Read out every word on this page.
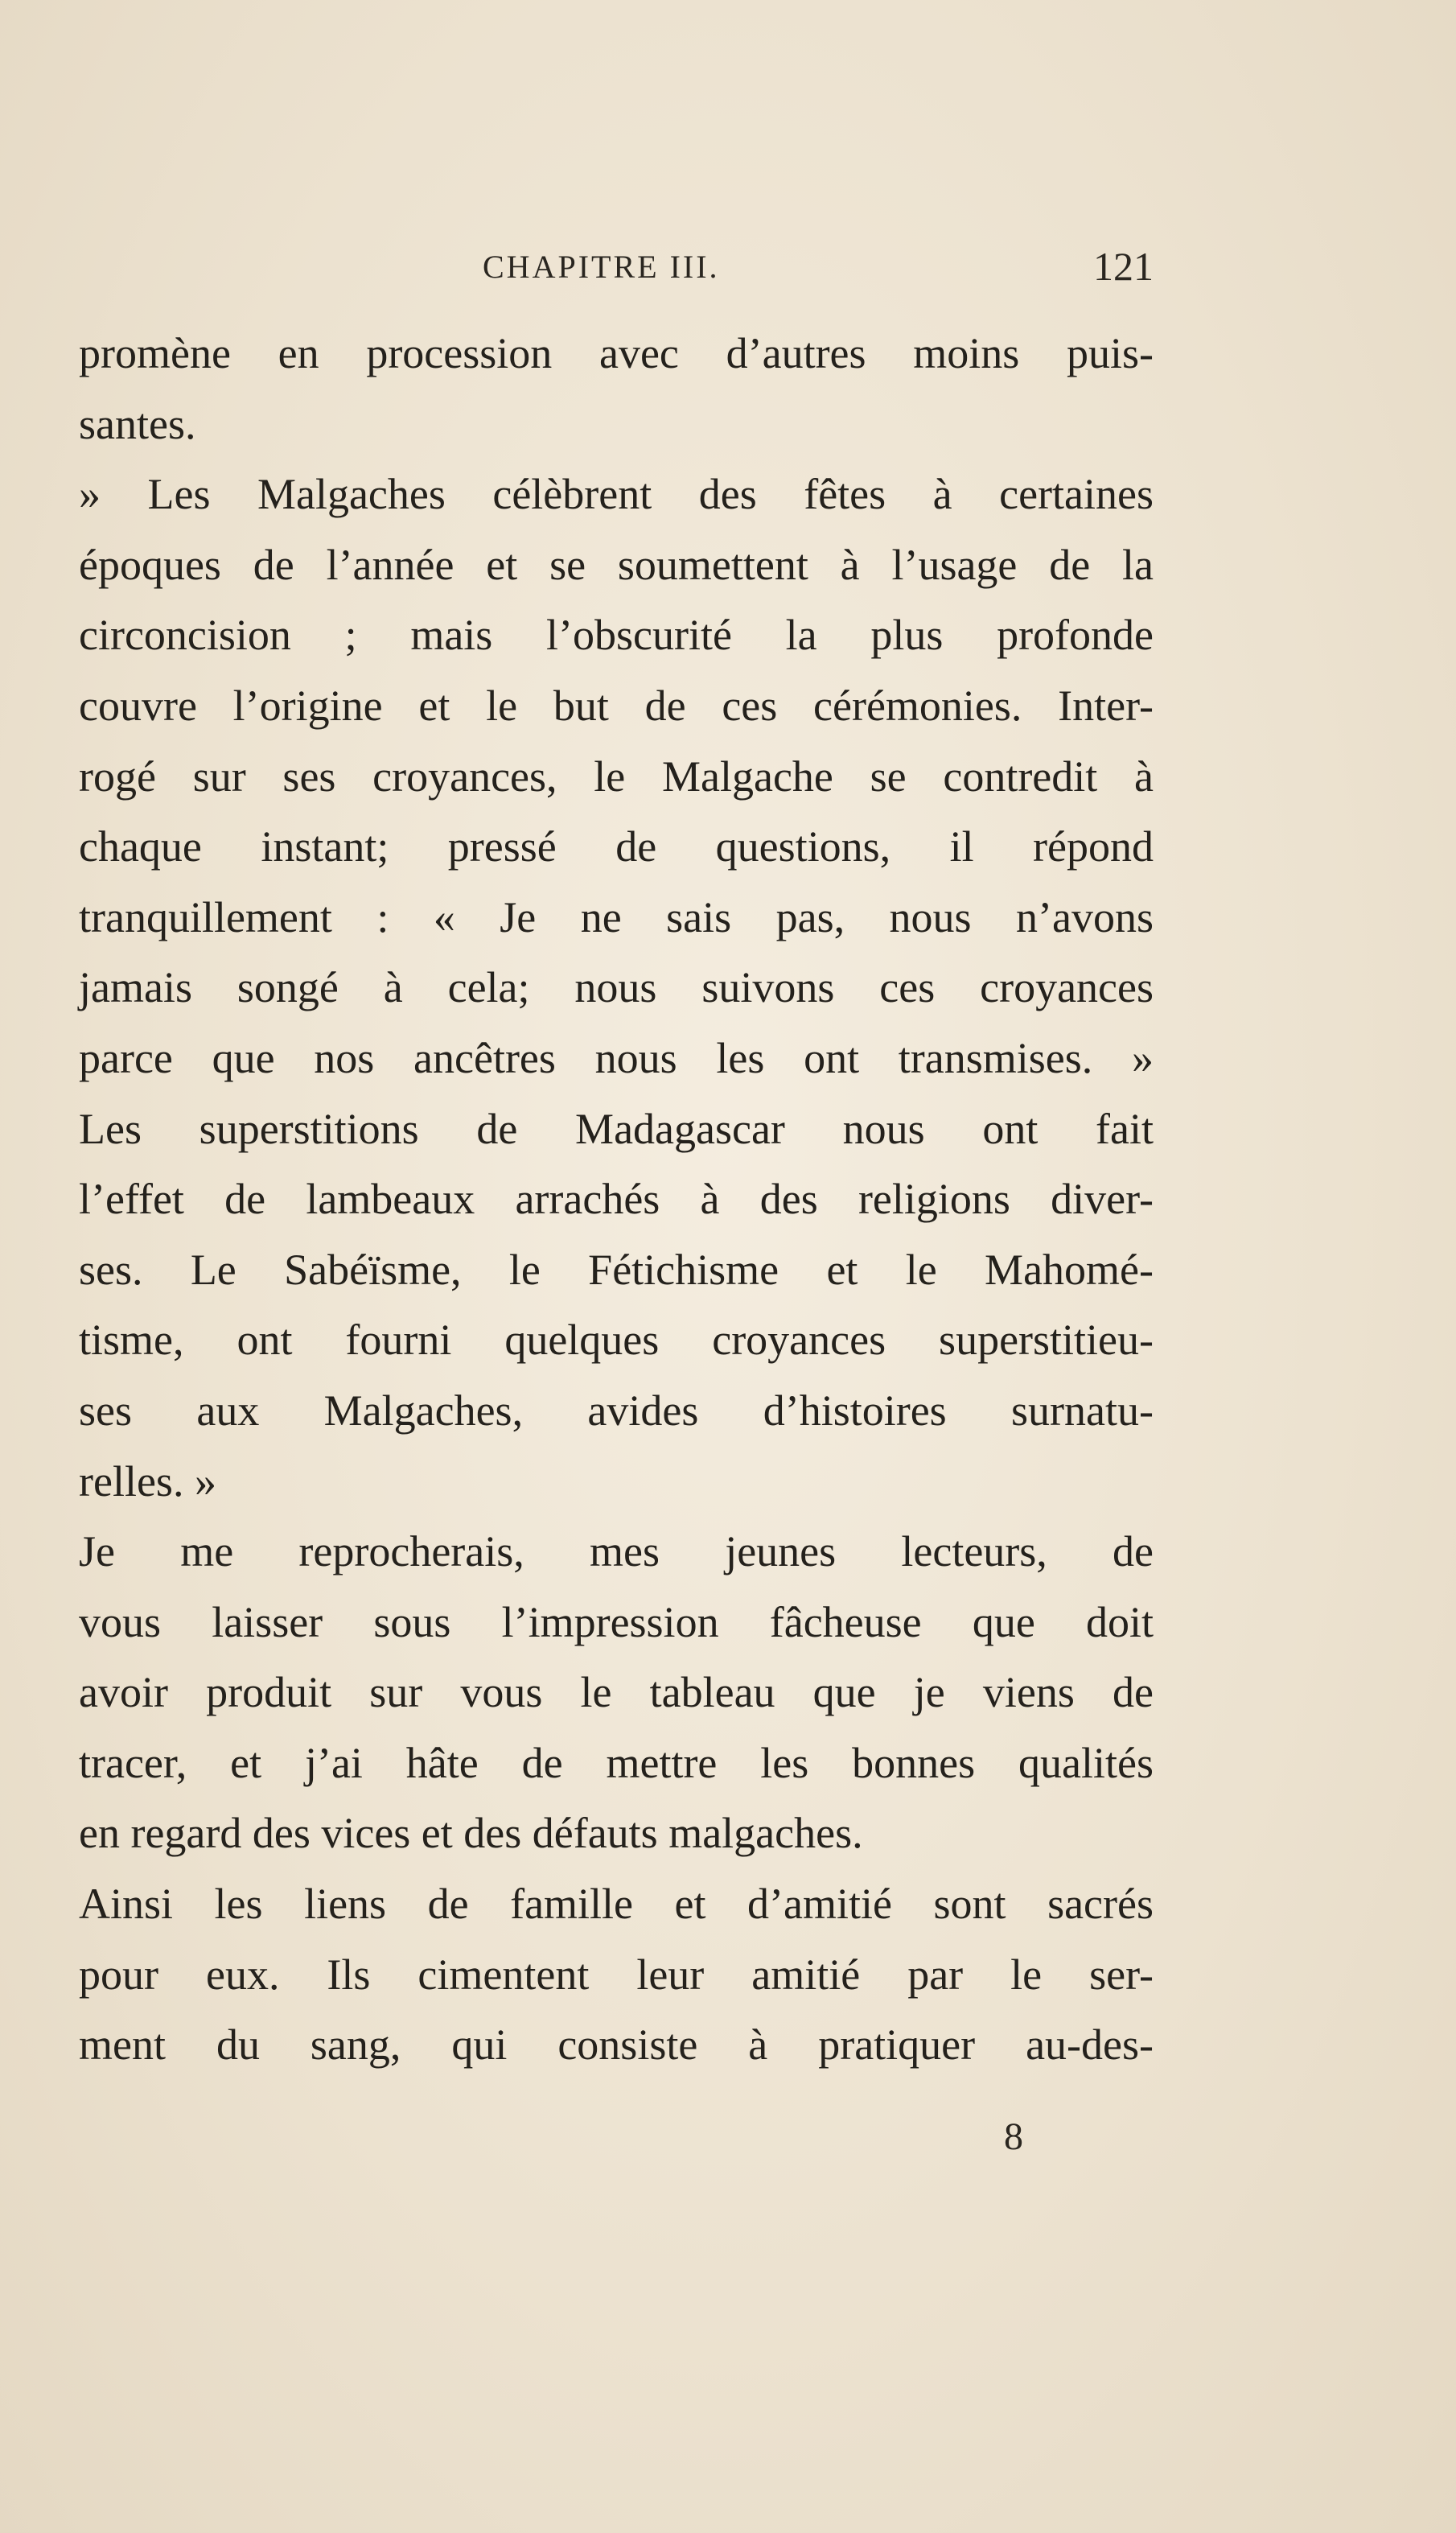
CHAPITRE III.	121
promène en procession avec d’autres moins puis-
santes.
» Les Malgaches célèbrent des fêtes à certaines
époques de l’année et se soumettent à l’usage de la
circoncision ; mais l’obscurité la plus profonde
couvre l’origine et le but de ces cérémonies. Inter-
rogé sur ses croyances, le Malgache se contredit à
chaque instant; pressé de questions, il répond
tranquillement : « Je ne sais pas, nous n’avons
jamais songé à cela; nous suivons ces croyances
parce que nos ancêtres nous les ont transmises. »
Les superstitions de Madagascar nous ont fait
l’effet de lambeaux arrachés à des religions diver-
ses. Le Sabéïsme, le Fétichisme et le Mahomé-
tisme, ont fourni quelques croyances superstitieu-
ses aux Malgaches, avides d’histoires surnatu-
relles. »
Je me reprocherais, mes jeunes lecteurs, de
vous laisser sous l’impression fâcheuse que doit
avoir produit sur vous le tableau que je viens de
tracer, et j’ai hâte de mettre les bonnes qualités
en regard des vices et des défauts malgaches.
Ainsi les liens de famille et d’amitié sont sacrés
pour eux. Ils cimentent leur amitié par le ser-
ment du sang, qui consiste à pratiquer au-des-
8
